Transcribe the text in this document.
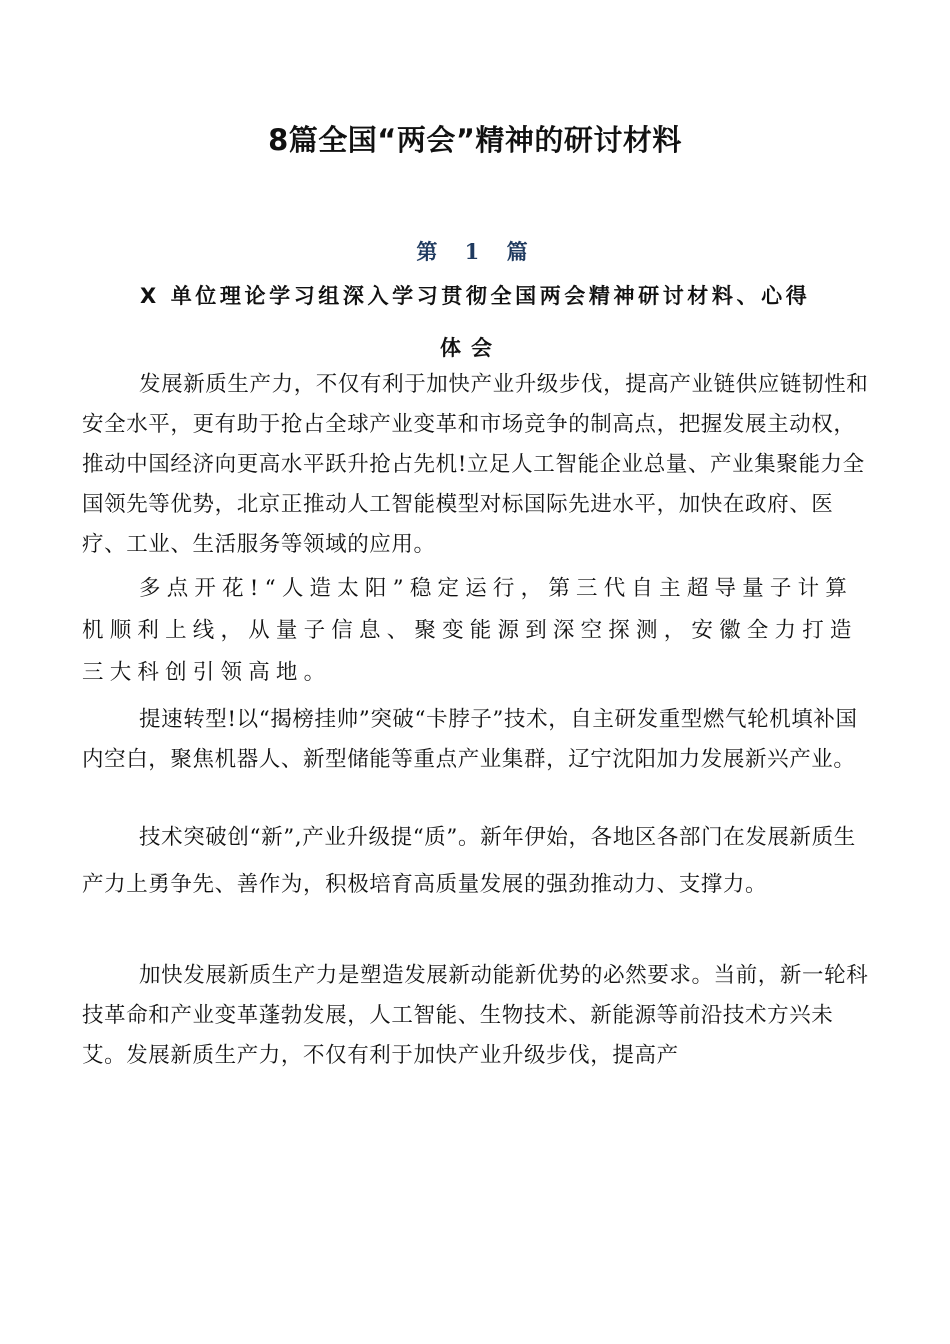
8篇全国“两会”精神的研讨材料
第 1 篇
X 单位理论学习组深入学习贯彻全国两会精神研讨材料、心得
体会

发展新质生产力，不仅有利于加快产业升级步伐，提高产业链供应链韧性和安全水平，更有助于抢占全球产业变革和市场竞争的制高点，把握发展主动权，推动中国经济向更高水平跃升抢占先机!立足人工智能企业总量、产业集聚能力全国领先等优势，北京正推动人工智能模型对标国际先进水平，加快在政府、医疗、工业、生活服务等领域的应用。

多点开花!“人造太阳”稳定运行，第三代自主超导量子计算机顺利上线，从量子信息、聚变能源到深空探测，安徽全力打造三大科创引领高地。

提速转型!以“揭榜挂帅”突破“卡脖子”技术，自主研发重型燃气轮机填补国内空白，聚焦机器人、新型储能等重点产业集群，辽宁沈阳加力发展新兴产业。

技术突破创“新”,产业升级提“质”。新年伊始，各地区各部门在发展新质生产力上勇争先、善作为，积极培育高质量发展的强劲推动力、支撑力。

加快发展新质生产力是塑造发展新动能新优势的必然要求。当前，新一轮科技革命和产业变革蓬勃发展，人工智能、生物技术、新能源等前沿技术方兴未艾。发展新质生产力，不仅有利于加快产业升级步伐，提高产
